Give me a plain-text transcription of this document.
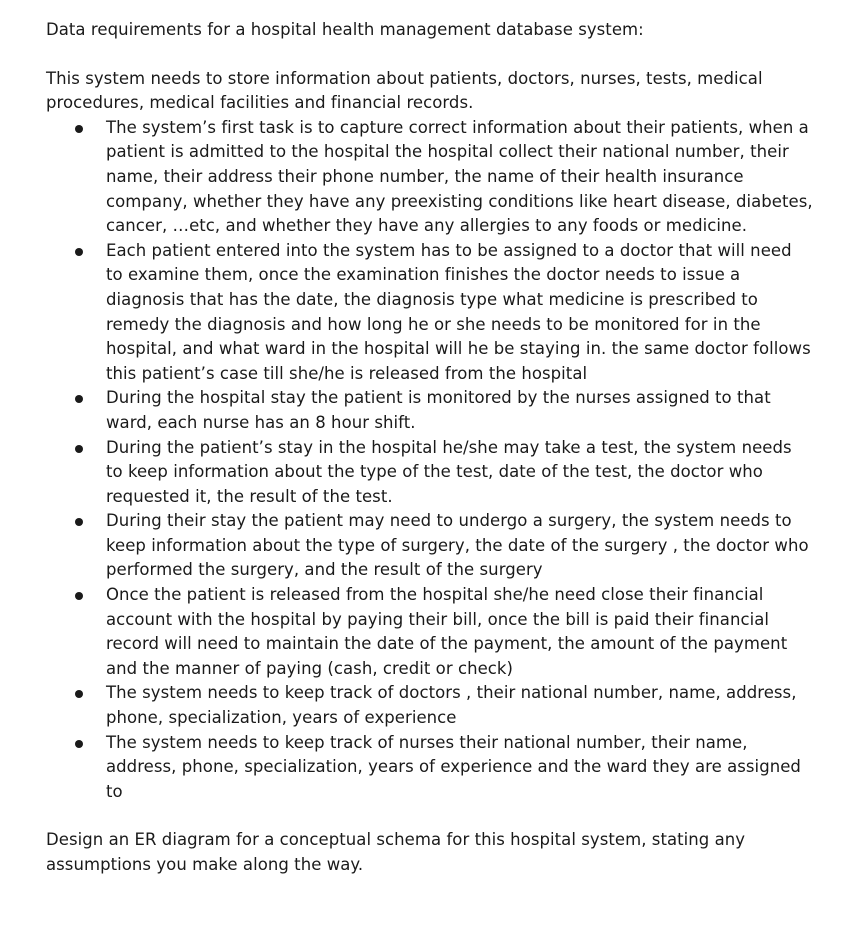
Data requirements for a hospital health management database system:

This system needs to store information about patients, doctors, nurses, tests, medical procedures, medical facilities and financial records.

The system’s first task is to capture correct information about their patients, when a patient is admitted to the hospital the hospital collect their national number, their name, their address their phone number, the name of their health insurance company, whether they have any preexisting conditions like heart disease, diabetes, cancer, …etc, and whether they have any allergies to any foods or medicine.
Each patient entered into the system has to be assigned to a doctor that will need to examine them, once the examination finishes the doctor needs to issue a diagnosis that has the date, the diagnosis type what medicine is prescribed to remedy the diagnosis and how long he or she needs to be monitored for in the hospital, and what ward in the hospital will he be staying in. the same doctor follows this patient’s case till she/he is released from the hospital
During the hospital stay the patient is monitored by the nurses assigned to that ward, each nurse has an 8 hour shift.
During the patient’s stay in the hospital he/she may take a test, the system needs to keep information about the type of the test, date of the test, the doctor who requested it, the result of the test.
During their stay the patient may need to undergo a surgery, the system needs to keep information about the type of surgery, the date of the surgery , the doctor who performed the surgery, and the result of the surgery
Once the patient is released from the hospital she/he need close their financial account with the hospital by paying their bill, once the bill is paid their financial record will need to maintain the date of the payment, the amount of the payment and the manner of paying (cash, credit or check)
The system needs to keep track of doctors , their national number, name, address, phone, specialization, years of experience
The system needs to keep track of nurses their national number, their name, address, phone, specialization, years of experience and the ward they are assigned to

Design an ER diagram for a conceptual schema for this hospital system, stating any assumptions you make along the way.
